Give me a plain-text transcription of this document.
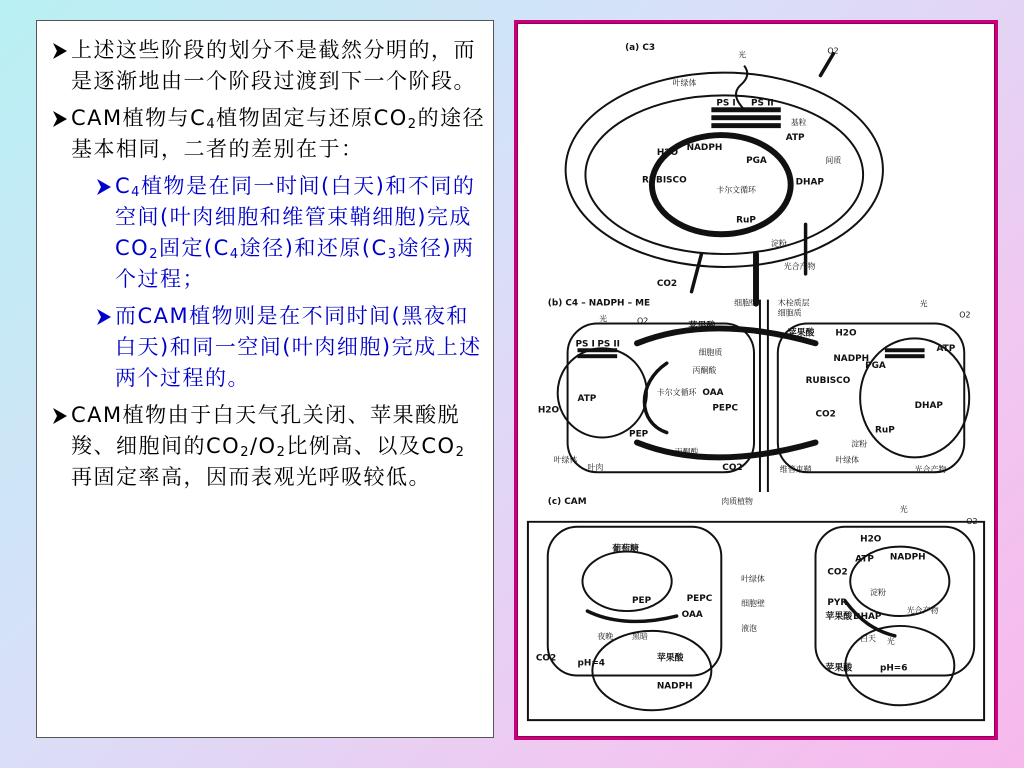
上述这些阶段的划分不是截然分明的，而是逐渐地由一个阶段过渡到下一个阶段。
CAM植物与$C_4$植物固定与还原$CO_2$的途径基本相同，二者的差别在于：
$C_4$植物是在同一时间(白天)和不同的空间(叶肉细胞和维管束鞘细胞)完成$CO_2$固定($C_4$途径)和还原($C_3$途径)两个过程；
而CAM植物则是在不同时间(黑夜和白天)和同一空间(叶肉细胞)完成上述两个过程的。
CAM植物由于白天气孔关闭、苹果酸脱羧、细胞间的$CO_2/O_2$比例高、以及$CO_2$再固定率高，因而表观光呼吸较低。
(a) C3
光	O2
叶绿体
PS I PS II
基粒
ATP
H2O NADPH
PGA	间质
RUBISCO
卡尔文循环
DHAP
RuP
淀粉
CO2
光合产物
(b) C4 – NADPH – ME	细胞壁 木栓质层
细胞质
光	O2
PS I PS II
苹果酸
苹果酸 H2O
细胞质
NADPH
丙酮酸
卡尔文循环 OAA
PEPC
ATP
H2O
PEP
丙酮酸
叶绿体
叶肉	CO2	维管束鞘
RUBISCO
PGA
CO2
DHAP
RuP
淀粉
叶绿体
光合产物
光
O2
ATP
(c) CAM	肉质植物
葡萄糖
PEP	PEPC
OAA
夜晚 黑暗
苹果酸
NADPH
CO2 pH=4
叶绿体
细胞壁
液泡
光
O2
H2O
ATP NADPH
CO2
PYR
淀粉
光合产物
苹果酸 DHAP
白天 光
苹果酸	pH=6
